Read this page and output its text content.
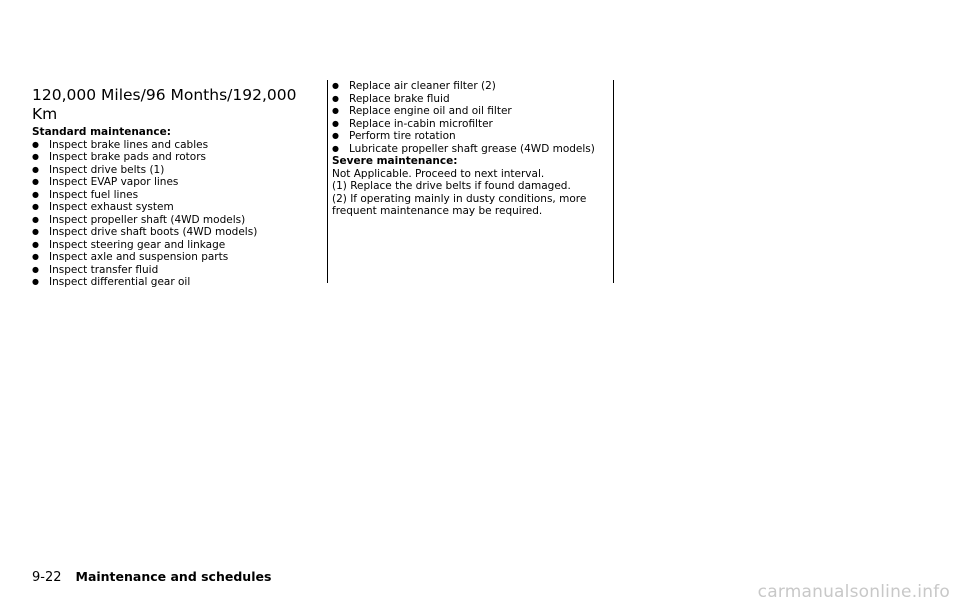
120,000 Miles/96 Months/192,000 Km
Standard maintenance:
● Inspect brake lines and cables
● Inspect brake pads and rotors
● Inspect drive belts (1)
● Inspect EVAP vapor lines
● Inspect fuel lines
● Inspect exhaust system
● Inspect propeller shaft (4WD models)
● Inspect drive shaft boots (4WD models)
● Inspect steering gear and linkage
● Inspect axle and suspension parts
● Inspect transfer fluid
● Inspect differential gear oil
● Replace air cleaner filter (2)
● Replace brake fluid
● Replace engine oil and oil filter
● Replace in-cabin microfilter
● Perform tire rotation
● Lubricate propeller shaft grease (4WD models)
Severe maintenance:

Not Applicable. Proceed to next interval.

(1) Replace the drive belts if found damaged.

(2) If operating mainly in dusty conditions, more frequent maintenance may be required.

9-22 Maintenance and schedules
carmanualsonline.info
